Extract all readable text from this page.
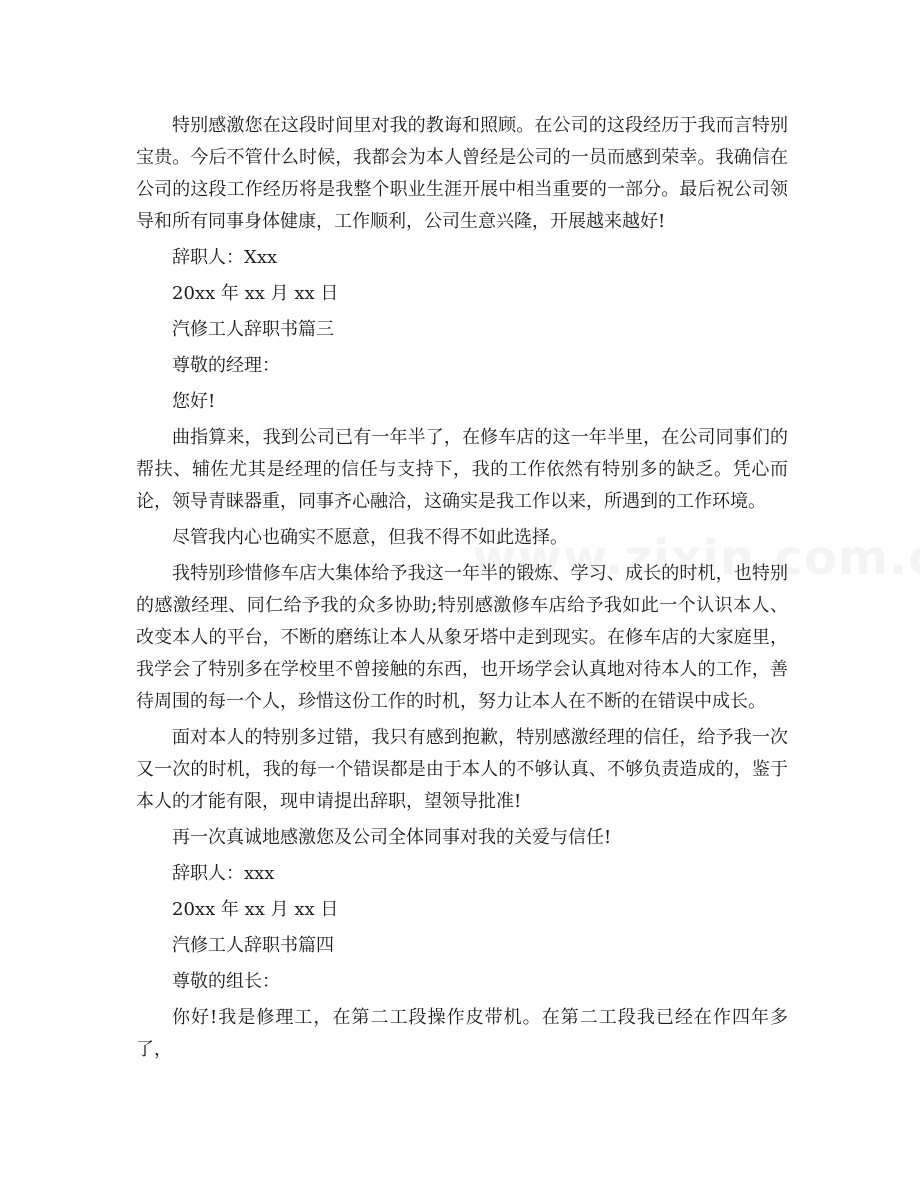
特别感激您在这段时间里对我的教诲和照顾。在公司的这段经历于我而言特别宝贵。今后不管什么时候，我都会为本人曾经是公司的一员而感到荣幸。我确信在公司的这段工作经历将是我整个职业生涯开展中相当重要的一部分。最后祝公司领导和所有同事身体健康，工作顺利，公司生意兴隆，开展越来越好!

辞职人：Xxx

20xx 年 xx 月 xx 日

汽修工人辞职书篇三

尊敬的经理：

您好!

曲指算来，我到公司已有一年半了，在修车店的这一年半里，在公司同事们的帮扶、辅佐尤其是经理的信任与支持下，我的工作依然有特别多的缺乏。凭心而论，领导青睐器重，同事齐心融洽，这确实是我工作以来，所遇到的工作环境。

尽管我内心也确实不愿意，但我不得不如此选择。

我特别珍惜修车店大集体给予我这一年半的锻炼、学习、成长的时机，也特别的感激经理、同仁给予我的众多协助;特别感激修车店给予我如此一个认识本人、改变本人的平台，不断的磨练让本人从象牙塔中走到现实。在修车店的大家庭里，我学会了特别多在学校里不曾接触的东西，也开场学会认真地对待本人的工作，善待周围的每一个人，珍惜这份工作的时机，努力让本人在不断的在错误中成长。

面对本人的特别多过错，我只有感到抱歉，特别感激经理的信任，给予我一次又一次的时机，我的每一个错误都是由于本人的不够认真、不够负责造成的，鉴于本人的才能有限，现申请提出辞职，望领导批准!

再一次真诚地感激您及公司全体同事对我的关爱与信任!

辞职人：xxx

20xx 年 xx 月 xx 日

汽修工人辞职书篇四

尊敬的组长：

你好!我是修理工，在第二工段操作皮带机。在第二工段我已经在作四年多了，
